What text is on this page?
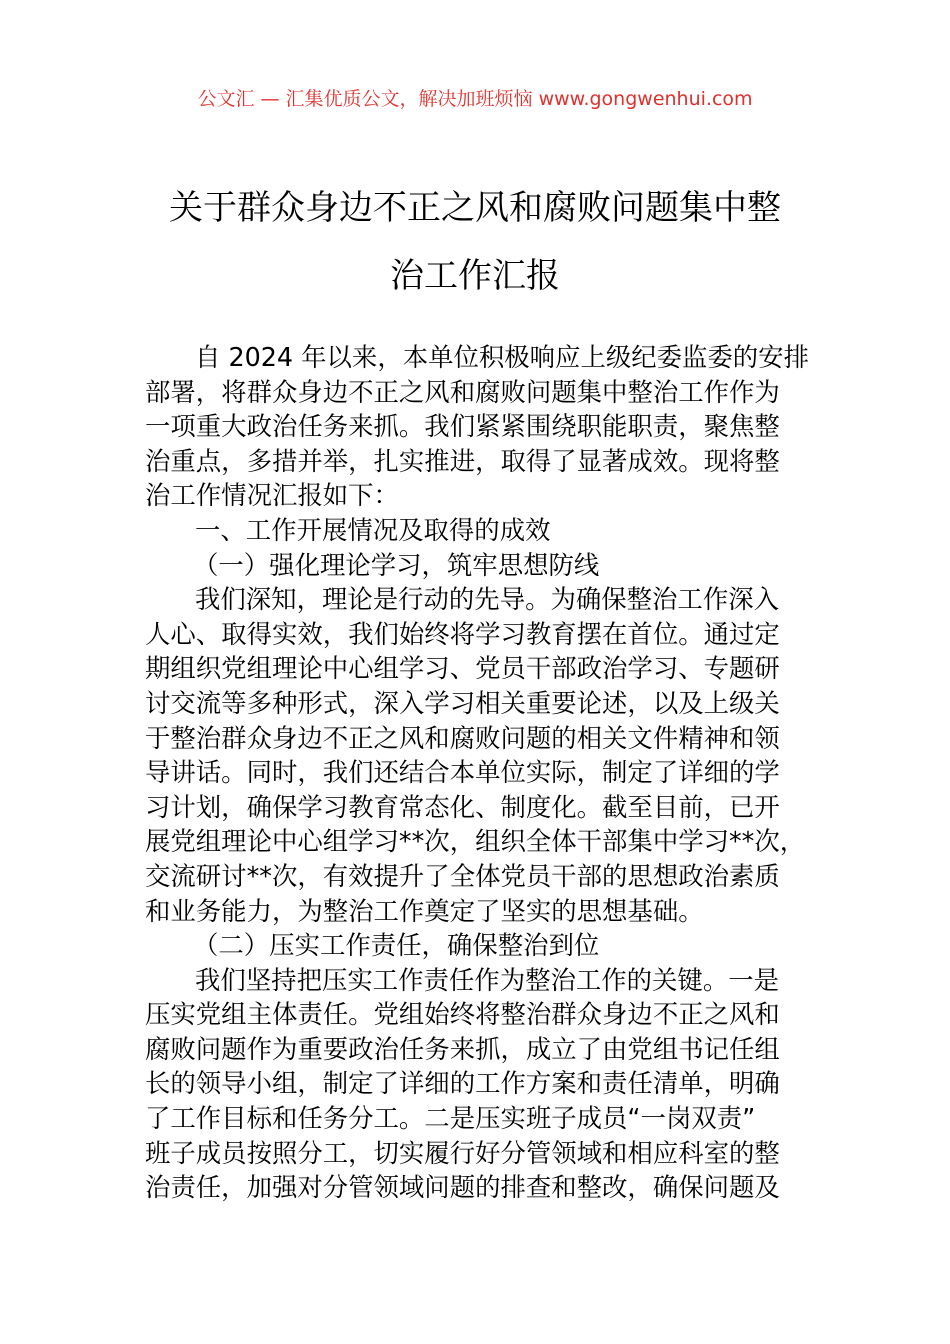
公文汇 — 汇集优质公文，解决加班烦恼 www.gongwenhui.com
关于群众身边不正之风和腐败问题集中整
治工作汇报
自 2024 年以来，本单位积极响应上级纪委监委的安排
部署，将群众身边不正之风和腐败问题集中整治工作作为
一项重大政治任务来抓。我们紧紧围绕职能职责，聚焦整
治重点，多措并举，扎实推进，取得了显著成效。现将整
治工作情况汇报如下：
一、工作开展情况及取得的成效
（一）强化理论学习，筑牢思想防线
我们深知，理论是行动的先导。为确保整治工作深入
人心、取得实效，我们始终将学习教育摆在首位。通过定
期组织党组理论中心组学习、党员干部政治学习、专题研
讨交流等多种形式，深入学习相关重要论述，以及上级关
于整治群众身边不正之风和腐败问题的相关文件精神和领
导讲话。同时，我们还结合本单位实际，制定了详细的学
习计划，确保学习教育常态化、制度化。截至目前，已开
展党组理论中心组学习**次，组织全体干部集中学习**次，
交流研讨**次，有效提升了全体党员干部的思想政治素质
和业务能力，为整治工作奠定了坚实的思想基础。
（二）压实工作责任，确保整治到位
我们坚持把压实工作责任作为整治工作的关键。一是
压实党组主体责任。党组始终将整治群众身边不正之风和
腐败问题作为重要政治任务来抓，成立了由党组书记任组
长的领导小组，制定了详细的工作方案和责任清单，明确
了工作目标和任务分工。二是压实班子成员“一岗双责”
班子成员按照分工，切实履行好分管领域和相应科室的整
治责任，加强对分管领域问题的排查和整改，确保问题及
